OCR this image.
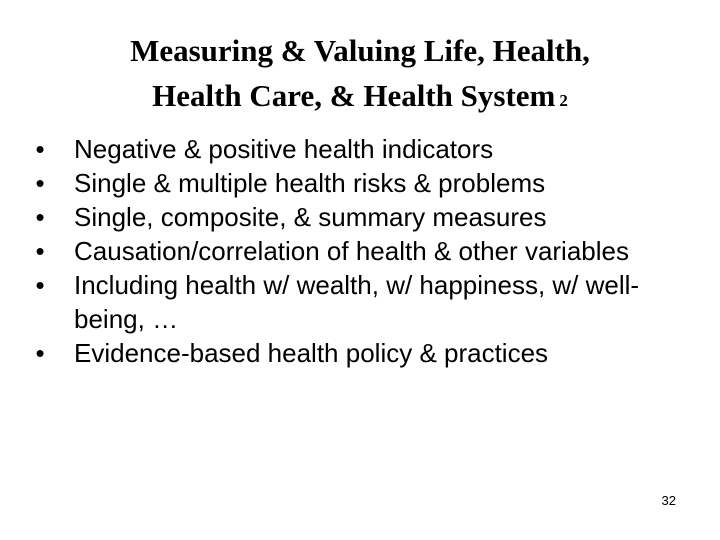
Measuring & Valuing Life, Health,
Health Care, & Health System 2
• Negative & positive health indicators
• Single & multiple health risks & problems
• Single, composite, & summary measures
• Causation/correlation of health & other variables
• Including health w/ wealth, w/ happiness, w/ well-being, …
• Evidence-based health policy & practices
32
